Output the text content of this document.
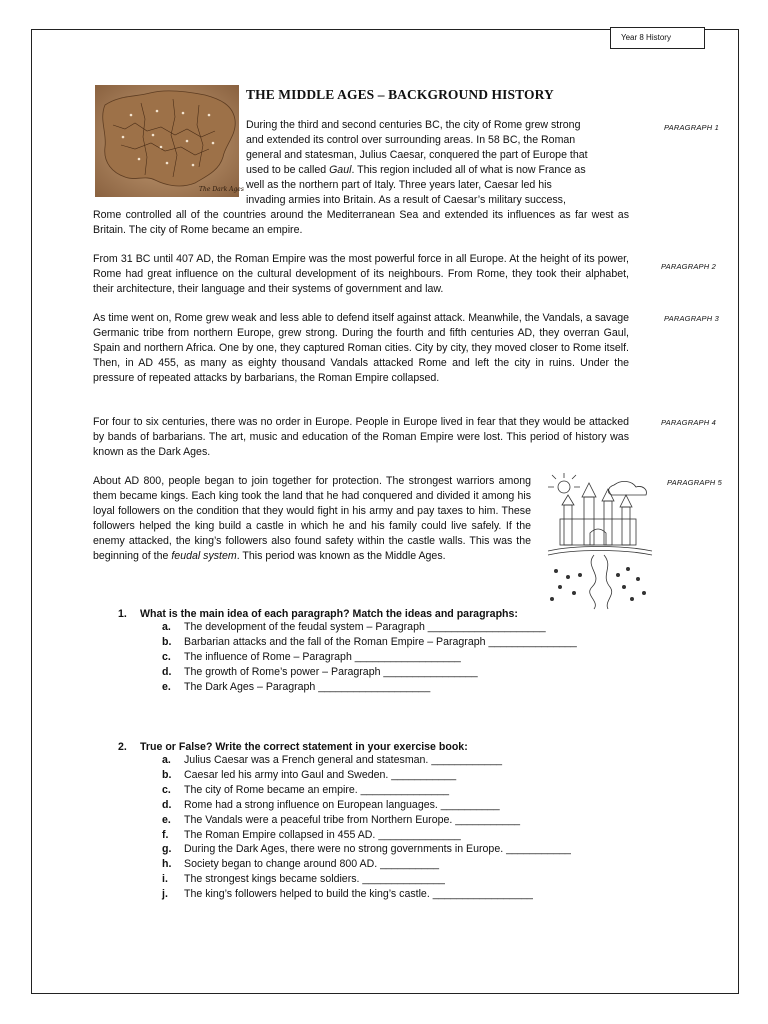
Year 8 History
The Dark Ages
THE MIDDLE AGES – BACKGROUND HISTORY
During the third and second centuries BC, the city of Rome grew strong
and extended its control over surrounding areas. In 58 BC, the Roman
general and statesman, Julius Caesar, conquered the part of Europe that
used to be called Gaul. This region included all of what is now France as
well as the northern part of Italy. Three years later, Caesar led his
invading armies into Britain. As a result of Caesar’s military success,
Rome controlled all of the countries around the Mediterranean Sea and extended its influences as far west as Britain. The city of Rome became an empire.
PARAGRAPH 1
From 31 BC until 407 AD, the Roman Empire was the most powerful force in all Europe. At the height of its power, Rome had great influence on the cultural development of its neighbours. From Rome, they took their alphabet, their architecture, their language and their systems of government and law.
PARAGRAPH 2
As time went on, Rome grew weak and less able to defend itself against attack. Meanwhile, the Vandals, a savage Germanic tribe from northern Europe, grew strong. During the fourth and fifth centuries AD, they overran Gaul, Spain and northern Africa. One by one, they captured Roman cities. City by city, they moved closer to Rome itself. Then, in AD 455, as many as eighty thousand Vandals attacked Rome and left the city in ruins. Under the pressure of repeated attacks by barbarians, the Roman Empire collapsed.
PARAGRAPH 3
For four to six centuries, there was no order in Europe. People in Europe lived in fear that they would be attacked by bands of barbarians. The art, music and education of the Roman Empire were lost. This period of history was known as the Dark Ages.
PARAGRAPH 4
About AD 800, people began to join together for protection. The strongest warriors among them became kings. Each king took the land that he had conquered and divided it among his loyal followers on the condition that they would fight in his army and pay taxes to him. These followers helped the king build a castle in which he and his family could live safely. If the enemy attacked, the king’s followers also found safety within the castle walls. This was the beginning of the feudal system. This period was known as the Middle Ages.
PARAGRAPH 5
1.	What is the main idea of each paragraph? Match the ideas and paragraphs:
a.	The development of the feudal system – Paragraph ____________________
b.	Barbarian attacks and the fall of the Roman Empire – Paragraph _______________
c.	The influence of Rome – Paragraph __________________
d.	The growth of Rome’s power – Paragraph ________________
e.	The Dark Ages – Paragraph ___________________
2.	True or False? Write the correct statement in your exercise book:
a.	Julius Caesar was a French general and statesman. ____________
b.	Caesar led his army into Gaul and Sweden. ___________
c.	The city of Rome became an empire. _______________
d.	Rome had a strong influence on European languages. __________
e.	The Vandals were a peaceful tribe from Northern Europe. ___________
f.	The Roman Empire collapsed in 455 AD. ______________
g.	During the Dark Ages, there were no strong governments in Europe. ___________
h.	Society began to change around 800 AD. __________
i.	The strongest kings became soldiers. ______________
j.	The king’s followers helped to build the king’s castle. _________________
